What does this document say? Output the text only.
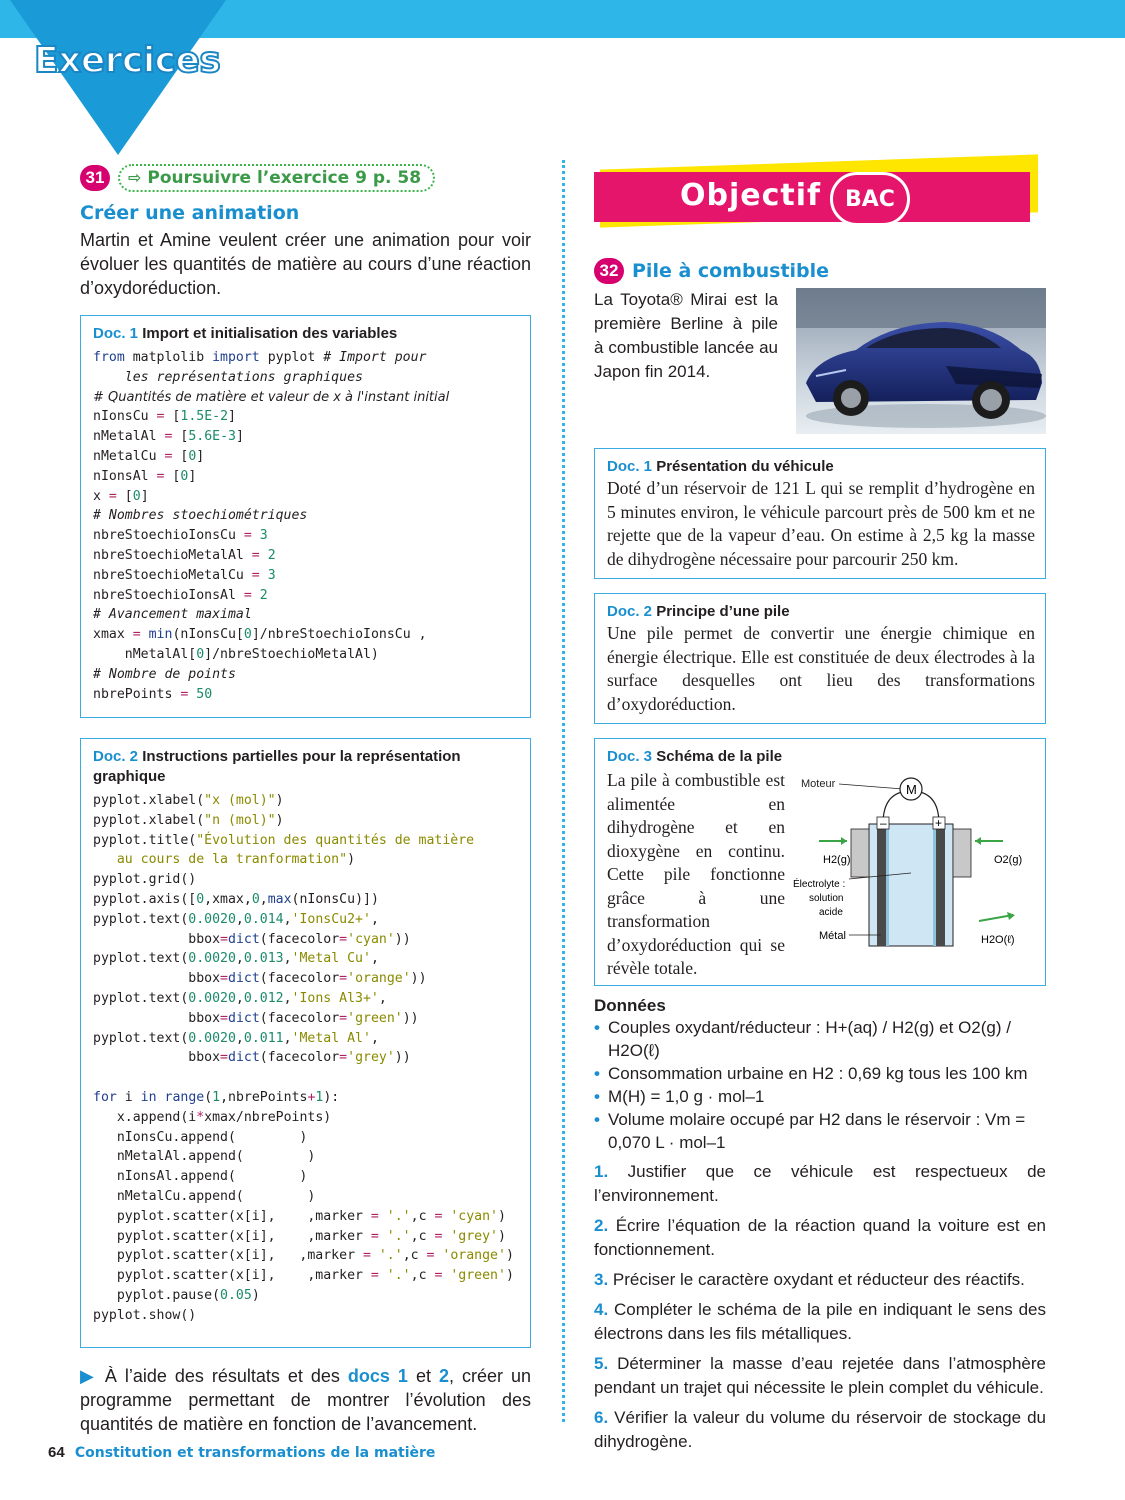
Exercices
31	⇨ Poursuivre l’exercice 9 p. 58
Créer une animation
Martin et Amine veulent créer une animation pour voir évoluer les quantités de matière au cours d’une réaction d’oxydoréduction.
Doc. 1 Import et initialisation des variables
from matplolib import pyplot # Import pour
les représentations graphiques
# Quantités de matière et valeur de x à l'instant initial
nIonsCu = [1.5E-2]
nMetalAl = [5.6E-3]
nMetalCu = [0]
nIonsAl = [0]
x = [0]
# Nombres stoechiométriques
nbreStoechioIonsCu = 3
nbreStoechioMetalAl = 2
nbreStoechioMetalCu = 3
nbreStoechioIonsAl = 2
# Avancement maximal
xmax = min(nIonsCu[0]/nbreStoechioIonsCu ,
nMetalAl[0]/nbreStoechioMetalAl)
# Nombre de points
nbrePoints = 50
Doc. 2 Instructions partielles pour la représentation graphique
pyplot.xlabel("x (mol)")
pyplot.xlabel("n (mol)")
pyplot.title("Évolution des quantités de matière
au cours de la tranformation")
pyplot.grid()
pyplot.axis([0,xmax,0,max(nIonsCu)])
pyplot.text(0.0020,0.014,'IonsCu2+',
bbox=dict(facecolor='cyan'))
pyplot.text(0.0020,0.013,'Metal Cu',
bbox=dict(facecolor='orange'))
pyplot.text(0.0020,0.012,'Ions Al3+',
bbox=dict(facecolor='green'))
pyplot.text(0.0020,0.011,'Metal Al',
bbox=dict(facecolor='grey'))

for i in range(1,nbrePoints+1):
x.append(i*xmax/nbrePoints)
nIonsCu.append(        )
nMetalAl.append(        )
nIonsAl.append(        )
nMetalCu.append(        )
pyplot.scatter(x[i],    ,marker = '.',c = 'cyan')
pyplot.scatter(x[i],    ,marker = '.',c = 'grey')
pyplot.scatter(x[i],   ,marker = '.',c = 'orange')
pyplot.scatter(x[i],    ,marker = '.',c = 'green')
pyplot.pause(0.05)
pyplot.show()
▶ À l’aide des résultats et des docs 1 et 2, créer un programme permettant de montrer l’évolution des quantités de matière en fonction de l’avancement.
64 Constitution et transformations de la matière
Objectif	BAC
32 Pile à combustible
La Toyota® Mirai est la première Berline à pile à combustible lancée au Japon fin 2014.
Doc. 1 Présentation du véhicule
Doté d’un réservoir de 121 L qui se remplit d’hydrogène en 5 minutes environ, le véhicule parcourt près de 500 km et ne rejette que de la vapeur d’eau. On estime à 2,5 kg la masse de dihydrogène nécessaire pour parcourir 250 km.
Doc. 2 Principe d’une pile
Une pile permet de convertir une énergie chimique en énergie électrique. Elle est constituée de deux électrodes à la surface desquelles ont lieu des transformations d’oxydoréduction.
Doc. 3 Schéma de la pile
La pile à combustible est alimentée en dihydrogène et en dioxygène en continu. Cette pile fonctionne grâce à une transformation d’oxydoréduction qui se révèle totale.
Moteur	M
–	+
H2(g)	O2(g)
Électrolyte :
solution
acide
Métal	H2O(ℓ)
Données
• Couples oxydant/réducteur : H+(aq) / H2(g) et O2(g) / H2O(ℓ)
• Consommation urbaine en H2 : 0,69 kg tous les 100 km
• M(H) = 1,0 g · mol–1
• Volume molaire occupé par H2 dans le réservoir : Vm = 0,070 L · mol–1
1. Justifier que ce véhicule est respectueux de l’environnement.
2. Écrire l’équation de la réaction quand la voiture est en fonctionnement.
3. Préciser le caractère oxydant et réducteur des réactifs.
4. Compléter le schéma de la pile en indiquant le sens des électrons dans les fils métalliques.
5. Déterminer la masse d’eau rejetée dans l’atmosphère pendant un trajet qui nécessite le plein complet du véhicule.
6. Vérifier la valeur du volume du réservoir de stockage du dihydrogène.
